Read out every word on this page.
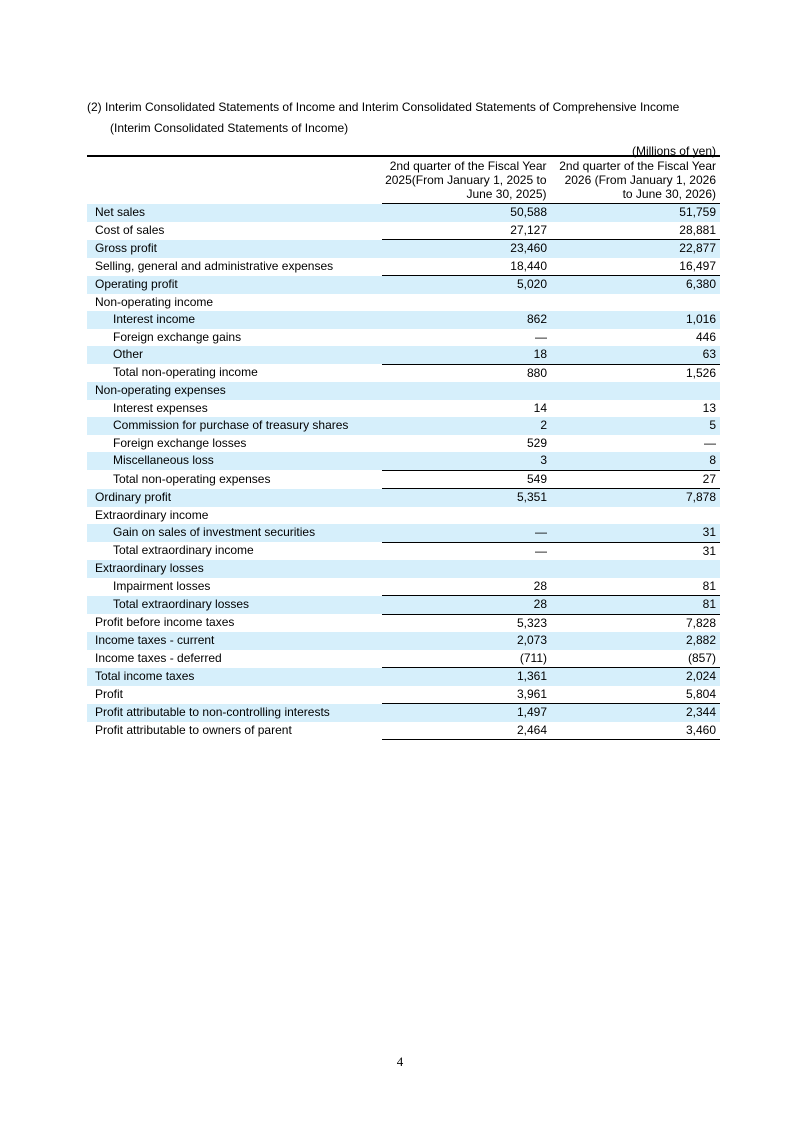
(2) Interim Consolidated Statements of Income and Interim Consolidated Statements of Comprehensive Income
(Interim Consolidated Statements of Income)
(Millions of yen)
	2nd quarter of the Fiscal Year 2025(From January 1, 2025 to June 30, 2025)	2nd quarter of the Fiscal Year 2026 (From January 1, 2026 to June 30, 2026)
Net sales	50,588	51,759
Cost of sales	27,127	28,881
Gross profit	23,460	22,877
Selling, general and administrative expenses	18,440	16,497
Operating profit	5,020	6,380
Non-operating income		
Interest income	862	1,016
Foreign exchange gains	—	446
Other	18	63
Total non-operating income	880	1,526
Non-operating expenses		
Interest expenses	14	13
Commission for purchase of treasury shares	2	5
Foreign exchange losses	529	—
Miscellaneous loss	3	8
Total non-operating expenses	549	27
Ordinary profit	5,351	7,878
Extraordinary income		
Gain on sales of investment securities	—	31
Total extraordinary income	—	31
Extraordinary losses		
Impairment losses	28	81
Total extraordinary losses	28	81
Profit before income taxes	5,323	7,828
Income taxes - current	2,073	2,882
Income taxes - deferred	(711)	(857)
Total income taxes	1,361	2,024
Profit	3,961	5,804
Profit attributable to non-controlling interests	1,497	2,344
Profit attributable to owners of parent	2,464	3,460
4
